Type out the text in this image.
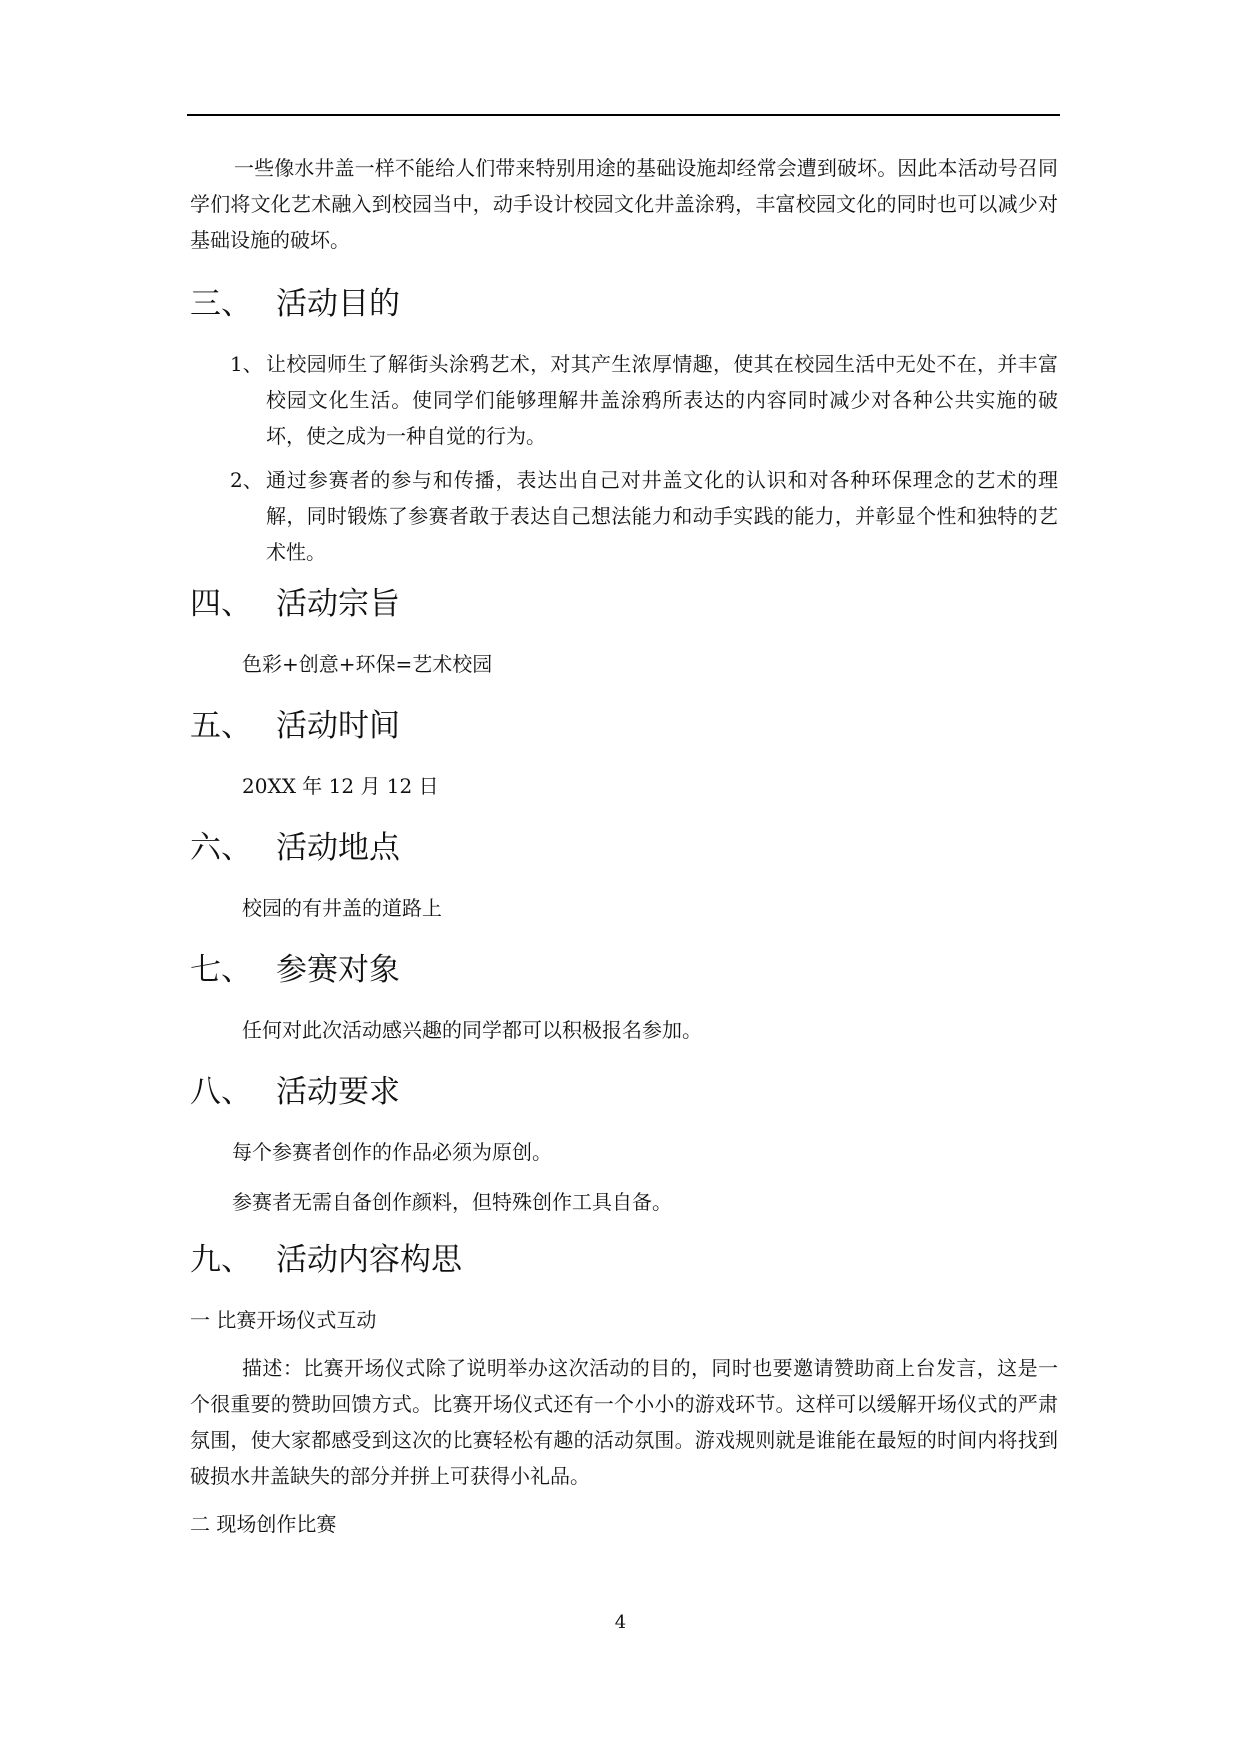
一些像水井盖一样不能给人们带来特别用途的基础设施却经常会遭到破坏。因此本活动号召同学们将文化艺术融入到校园当中，动手设计校园文化井盖涂鸦，丰富校园文化的同时也可以减少对基础设施的破坏。

三、 活动目的
1、 让校园师生了解街头涂鸦艺术，对其产生浓厚情趣，使其在校园生活中无处不在，并丰富校园文化生活。使同学们能够理解井盖涂鸦所表达的内容同时减少对各种公共实施的破坏，使之成为一种自觉的行为。
2、 通过参赛者的参与和传播，表达出自己对井盖文化的认识和对各种环保理念的艺术的理解，同时锻炼了参赛者敢于表达自己想法能力和动手实践的能力，并彰显个性和独特的艺术性。
四、 活动宗旨

色彩+创意+环保=艺术校园

五、 活动时间

20XX 年 12 月 12 日

六、 活动地点

校园的有井盖的道路上

七、 参赛对象

任何对此次活动感兴趣的同学都可以积极报名参加。

八、 活动要求

每个参赛者创作的作品必须为原创。

参赛者无需自备创作颜料，但特殊创作工具自备。

九、 活动内容构思

一 比赛开场仪式互动

描述：比赛开场仪式除了说明举办这次活动的目的，同时也要邀请赞助商上台发言，这是一个很重要的赞助回馈方式。比赛开场仪式还有一个小小的游戏环节。这样可以缓解开场仪式的严肃氛围，使大家都感受到这次的比赛轻松有趣的活动氛围。游戏规则就是谁能在最短的时间内将找到破损水井盖缺失的部分并拼上可获得小礼品。

二 现场创作比赛

4
